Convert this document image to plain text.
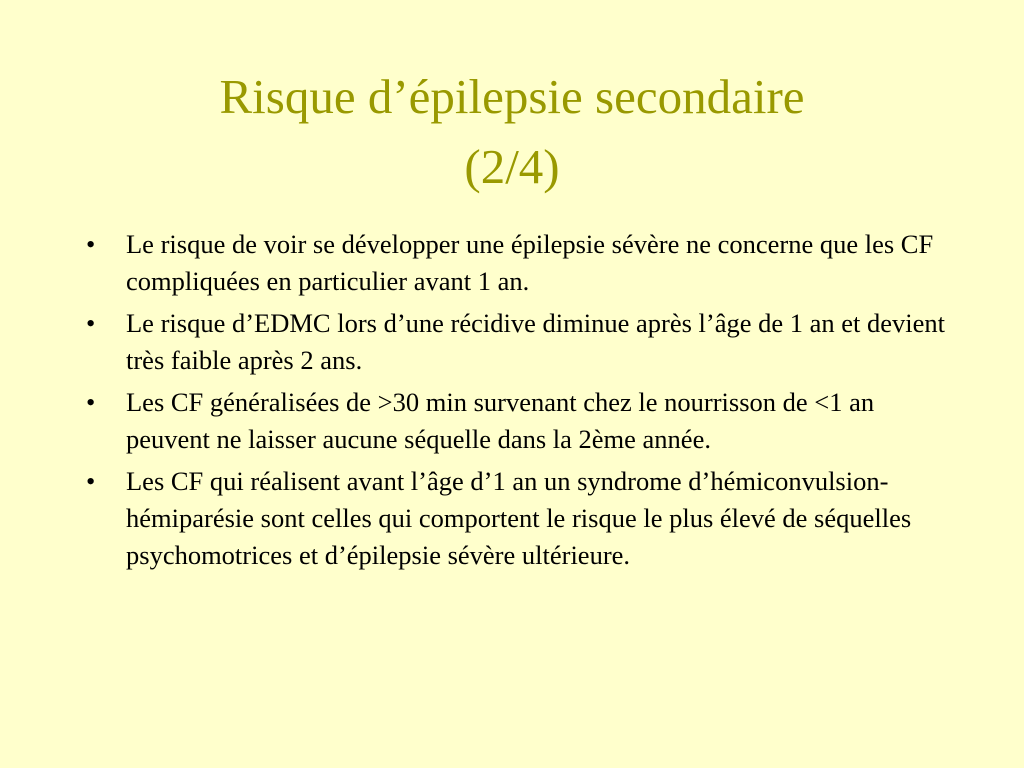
Risque d’épilepsie secondaire
(2/4)
•	Le risque de voir se développer une épilepsie sévère ne concerne que les CF compliquées en particulier avant 1 an.
•	Le risque d’EDMC lors d’une récidive diminue après l’âge de 1 an et devient très faible après 2 ans.
•	Les CF généralisées de >30 min survenant chez le nourrisson de <1 an peuvent ne laisser aucune séquelle dans la 2ème année.
•	Les CF qui réalisent avant l’âge d’1 an un syndrome d’hémiconvulsion-hémiparésie sont celles qui comportent le risque le plus élevé de séquelles psychomotrices et d’épilepsie sévère ultérieure.
